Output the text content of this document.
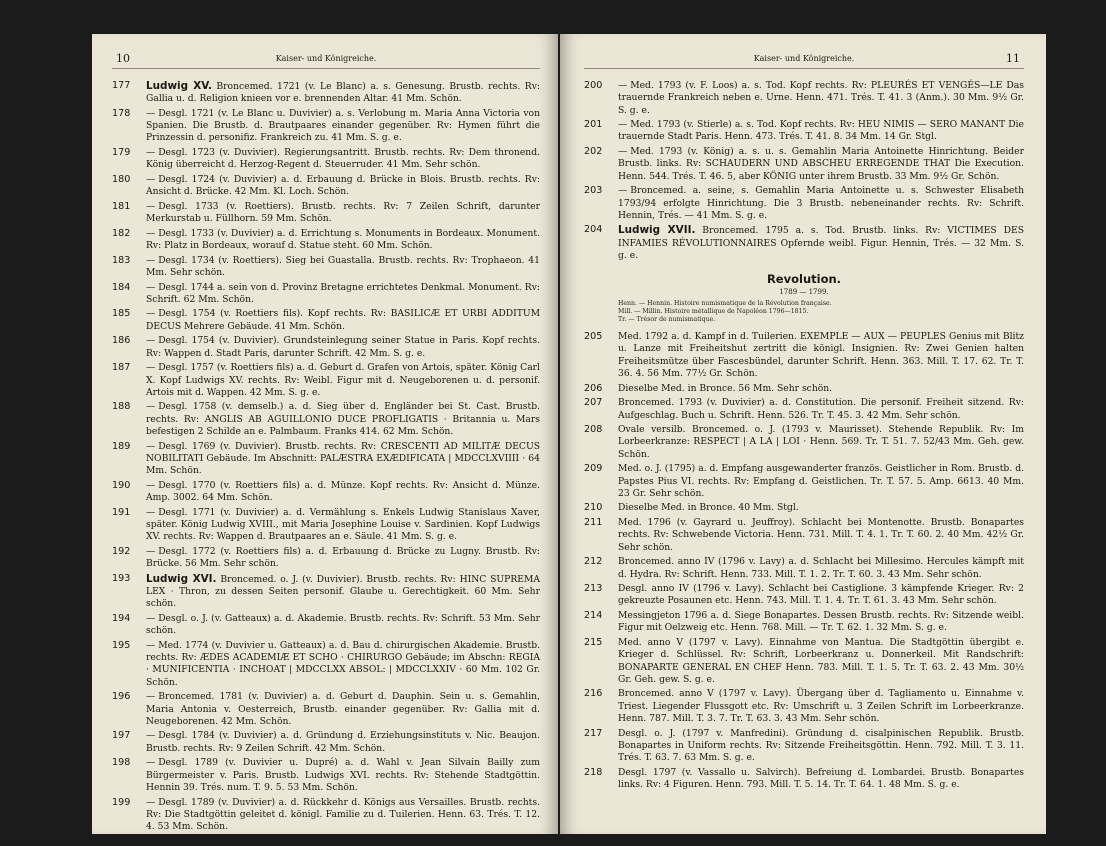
10	Kaiser- und Königreiche.
177	Ludwig XV. Broncemed. 1721 (v. Le Blanc) a. s. Genesung. Brustb. rechts. Rv: Gallia u. d. Religion knieen vor e. brennenden Altar. 41 Mm. Schön.
178	— Desgl. 1721 (v. Le Blanc u. Duvivier) a. s. Verlobung m. Maria Anna Victoria von Spanien. Die Brustb. d. Brautpaares einander gegenüber. Rv: Hymen führt die Prinzessin d. personifiz. Frankreich zu. 41 Mm. S. g. e.
179	— Desgl. 1723 (v. Duvivier). Regierungsantritt. Brustb. rechts. Rv: Dem thronend. König überreicht d. Herzog-Regent d. Steuerruder. 41 Mm. Sehr schön.
180	— Desgl. 1724 (v. Duvivier) a. d. Erbauung d. Brücke in Blois. Brustb. rechts. Rv: Ansicht d. Brücke. 42 Mm. Kl. Loch. Schön.
181	— Desgl. 1733 (v. Roettiers). Brustb. rechts. Rv: 7 Zeilen Schrift, darunter Merkurstab u. Füllhorn. 59 Mm. Schön.
182	— Desgl. 1733 (v. Duvivier) a. d. Errichtung s. Monuments in Bordeaux. Monument. Rv: Platz in Bordeaux, worauf d. Statue steht. 60 Mm. Schön.
183	— Desgl. 1734 (v. Roettiers). Sieg bei Guastalla. Brustb. rechts. Rv: Trophaeon. 41 Mm. Sehr schön.
184	— Desgl. 1744 a. sein von d. Provinz Bretagne errichtetes Denkmal. Monument. Rv: Schrift. 62 Mm. Schön.
185	— Desgl. 1754 (v. Roettiers fils). Kopf rechts. Rv: BASILICÆ ET URBI ADDITUM DECUS Mehrere Gebäude. 41 Mm. Schön.
186	— Desgl. 1754 (v. Duvivier). Grundsteinlegung seiner Statue in Paris. Kopf rechts. Rv: Wappen d. Stadt Paris, darunter Schrift. 42 Mm. S. g. e.
187	— Desgl. 1757 (v. Roettiers fils) a. d. Geburt d. Grafen von Artois, später. König Carl X. Kopf Ludwigs XV. rechts. Rv: Weibl. Figur mit d. Neugeborenen u. d. personif. Artois mit d. Wappen. 42 Mm. S. g. e.
188	— Desgl. 1758 (v. demselb.) a. d. Sieg über d. Engländer bei St. Cast. Brustb. rechts. Rv: ANGLIS AB AGUILLONIO DUCE PROFLIGATIS · Britannia u. Mars befestigen 2 Schilde an e. Palmbaum. Franks 414. 62 Mm. Schön.
189	— Desgl. 1769 (v. Duvivier). Brustb. rechts. Rv: CRESCENTI AD MILITÆ DECUS NOBILITATI Gebäude. Im Abschnitt: PALÆSTRA EXÆDIFICATA | MDCCLXVIIII · 64 Mm. Schön.
190	— Desgl. 1770 (v. Roettiers fils) a. d. Münze. Kopf rechts. Rv: Ansicht d. Münze. Amp. 3002. 64 Mm. Schön.
191	— Desgl. 1771 (v. Duvivier) a. d. Vermählung s. Enkels Ludwig Stanislaus Xaver, später. König Ludwig XVIII., mit Maria Josephine Louise v. Sardinien. Kopf Ludwigs XV. rechts. Rv: Wappen d. Brautpaares an e. Säule. 41 Mm. S. g. e.
192	— Desgl. 1772 (v. Roettiers fils) a. d. Erbauung d. Brücke zu Lugny. Brustb. Rv: Brücke. 56 Mm. Sehr schön.
193	Ludwig XVI. Broncemed. o. J. (v. Duvivier). Brustb. rechts. Rv: HINC SUPREMA LEX · Thron, zu dessen Seiten personif. Glaube u. Gerechtigkeit. 60 Mm. Sehr schön.
194	— Desgl. o. J. (v. Gatteaux) a. d. Akademie. Brustb. rechts. Rv: Schrift. 53 Mm. Sehr schön.
195	— Med. 1774 (v. Duvivier u. Gatteaux) a. d. Bau d. chirurgischen Akademie. Brustb. rechts. Rv: ÆDES ACADEMIÆ ET SCHO · CHIRURGO Gebäude; im Abschn: REGIA · MUNIFICENTIA · INCHOAT | MDCCLXX ABSOL: | MDCCLXXIV · 60 Mm. 102 Gr. Schön.
196	— Broncemed. 1781 (v. Duvivier) a. d. Geburt d. Dauphin. Sein u. s. Gemahlin, Maria Antonia v. Oesterreich, Brustb. einander gegenüber. Rv: Gallia mit d. Neugeborenen. 42 Mm. Schön.
197	— Desgl. 1784 (v. Duvivier) a. d. Gründung d. Erziehungsinstituts v. Nic. Beaujon. Brustb. rechts. Rv: 9 Zeilen Schrift. 42 Mm. Schön.
198	— Desgl. 1789 (v. Duvivier u. Dupré) a. d. Wahl v. Jean Silvain Bailly zum Bürgermeister v. Paris. Brustb. Ludwigs XVI. rechts. Rv: Stehende Stadtgöttin. Hennin 39. Trés. num. T. 9. 5. 53 Mm. Schön.
199	— Desgl. 1789 (v. Duvivier) a. d. Rückkehr d. Königs aus Versailles. Brustb. rechts. Rv: Die Stadtgöttin geleitet d. königl. Familie zu d. Tuilerien. Henn. 63. Trés. T. 12. 4. 53 Mm. Schön.
Kaiser- und Königreiche.	11
200	— Med. 1793 (v. F. Loos) a. s. Tod. Kopf rechts. Rv: PLEURÉS ET VENGÉS—LE Das trauernde Frankreich neben e. Urne. Henn. 471. Trés. T. 41. 3 (Anm.). 30 Mm. 9½ Gr. S. g. e.
201	— Med. 1793 (v. Stierle) a. s. Tod. Kopf rechts. Rv: HEU NIMIS — SERO MANANT Die trauernde Stadt Paris. Henn. 473. Trés. T. 41. 8. 34 Mm. 14 Gr. Stgl.
202	— Med. 1793 (v. König) a. s. u. s. Gemahlin Maria Antoinette Hinrichtung. Beider Brustb. links. Rv: SCHAUDERN UND ABSCHEU ERREGENDE THAT Die Execution. Henn. 544. Trés. T. 46. 5, aber KÖNIG unter ihrem Brustb. 33 Mm. 9½ Gr. Schön.
203	— Broncemed. a. seine, s. Gemahlin Maria Antoinette u. s. Schwester Elisabeth 1793/94 erfolgte Hinrichtung. Die 3 Brustb. nebeneinander rechts. Rv: Schrift. Hennin, Trés. — 41 Mm. S. g. e.
204	Ludwig XVII. Broncemed. 1795 a. s. Tod. Brustb. links. Rv: VICTIMES DES INFAMIES RÉVOLUTIONNAIRES Opfernde weibl. Figur. Hennin, Trés. — 32 Mm. S. g. e.
Revolution.
1789 — 1799.
Henn. — Hennin. Histoire numismatique de la Révolution française.
Mill. — Millin. Histoire métallique de Napoléon 1796—1815.
Tr. — Trésor de numismatique.
205	Med. 1792 a. d. Kampf in d. Tuilerien. EXEMPLE — AUX — PEUPLES Genius mit Blitz u. Lanze mit Freiheitshut zertritt die königl. Insignien. Rv: Zwei Genien halten Freiheitsmütze über Fascesbündel, darunter Schrift. Henn. 363. Mill. T. 17. 62. Tr. T. 36. 4. 56 Mm. 77½ Gr. Schön.
206	Dieselbe Med. in Bronce. 56 Mm. Sehr schön.
207	Broncemed. 1793 (v. Duvivier) a. d. Constitution. Die personif. Freiheit sitzend. Rv: Aufgeschlag. Buch u. Schrift. Henn. 526. Tr. T. 45. 3. 42 Mm. Sehr schön.
208	Ovale versilb. Broncemed. o. J. (1793 v. Maurisset). Stehende Republik. Rv: Im Lorbeerkranze: RESPECT | A LA | LOI · Henn. 569. Tr. T. 51. 7. 52/43 Mm. Geh. gew. Schön.
209	Med. o. J. (1795) a. d. Empfang ausgewanderter französ. Geistlicher in Rom. Brustb. d. Papstes Pius VI. rechts. Rv: Empfang d. Geistlichen. Tr. T. 57. 5. Amp. 6613. 40 Mm. 23 Gr. Sehr schön.
210	Dieselbe Med. in Bronce. 40 Mm. Stgl.
211	Med. 1796 (v. Gayrard u. Jeuffroy). Schlacht bei Montenotte. Brustb. Bonapartes rechts. Rv: Schwebende Victoria. Henn. 731. Mill. T. 4. 1. Tr. T. 60. 2. 40 Mm. 42½ Gr. Sehr schön.
212	Broncemed. anno IV (1796 v. Lavy) a. d. Schlacht bei Millesimo. Hercules kämpft mit d. Hydra. Rv: Schrift. Henn. 733. Mill. T. 1. 2. Tr. T. 60. 3. 43 Mm. Sehr schön.
213	Desgl. anno IV (1796 v. Lavy). Schlacht bei Castiglione. 3 kämpfende Krieger. Rv: 2 gekreuzte Posaunen etc. Henn. 743. Mill. T. 1. 4. Tr. T. 61. 3. 43 Mm. Sehr schön.
214	Messingjeton 1796 a. d. Siege Bonapartes. Dessen Brustb. rechts. Rv: Sitzende weibl. Figur mit Oelzweig etc. Henn. 768. Mill. — Tr. T. 62. 1. 32 Mm. S. g. e.
215	Med. anno V (1797 v. Lavy). Einnahme von Mantua. Die Stadtgöttin übergibt e. Krieger d. Schlüssel. Rv: Schrift, Lorbeerkranz u. Donnerkeil. Mit Randschrift: BONAPARTE GENERAL EN CHEF Henn. 783. Mill. T. 1. 5. Tr. T. 63. 2. 43 Mm. 30½ Gr. Geh. gew. S. g. e.
216	Broncemed. anno V (1797 v. Lavy). Übergang über d. Tagliamento u. Einnahme v. Triest. Liegender Flussgott etc. Rv: Umschrift u. 3 Zeilen Schrift im Lorbeerkranze. Henn. 787. Mill. T. 3. 7. Tr. T. 63. 3. 43 Mm. Sehr schön.
217	Desgl. o. J. (1797 v. Manfredini). Gründung d. cisalpinischen Republik. Brustb. Bonapartes in Uniform rechts. Rv: Sitzende Freiheitsgöttin. Henn. 792. Mill. T. 3. 11. Trés. T. 63. 7. 63 Mm. S. g. e.
218	Desgl. 1797 (v. Vassallo u. Salvirch). Befreiung d. Lombardei. Brustb. Bonapartes links. Rv: 4 Figuren. Henn. 793. Mill. T. 5. 14. Tr. T. 64. 1. 48 Mm. S. g. e.
